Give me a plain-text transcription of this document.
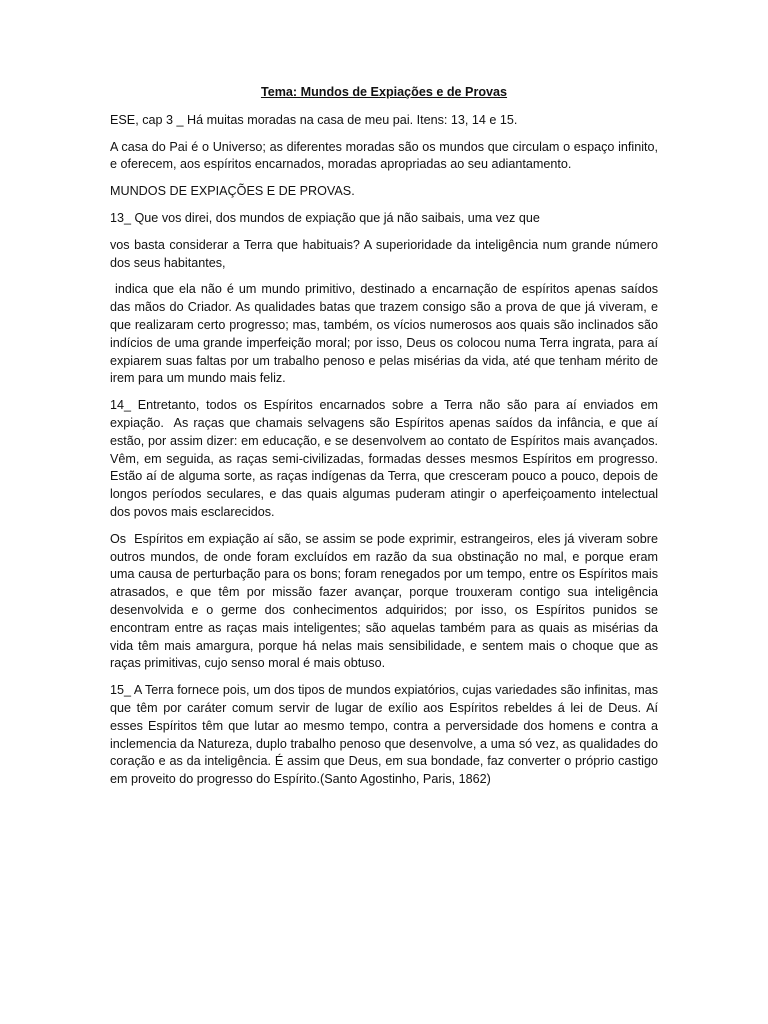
Tema: Mundos de Expiações e de Provas

ESE, cap 3 _ Há muitas moradas na casa de meu pai. Itens: 13, 14 e 15.

A casa do Pai é o Universo; as diferentes moradas são os mundos que circulam o espaço infinito, e oferecem, aos espíritos encarnados, moradas apropriadas ao seu adiantamento.

MUNDOS DE EXPIAÇÕES E DE PROVAS.

13_ Que vos direi, dos mundos de expiação que já não saibais, uma vez que

vos basta considerar a Terra que habituais? A superioridade da inteligência num grande número dos seus habitantes,

indica que ela não é um mundo primitivo, destinado a encarnação de espíritos apenas saídos das mãos do Criador. As qualidades batas que trazem consigo são a prova de que já viveram, e que realizaram certo progresso; mas, também, os vícios numerosos aos quais são inclinados são indícios de uma grande imperfeição moral; por isso, Deus os colocou numa Terra ingrata, para aí expiarem suas faltas por um trabalho penoso e pelas misérias da vida, até que tenham mérito de irem para um mundo mais feliz.

14_ Entretanto, todos os Espíritos encarnados sobre a Terra não são para aí enviados em expiação.  As raças que chamais selvagens são Espíritos apenas saídos da infância, e que aí estão, por assim dizer: em educação, e se desenvolvem ao contato de Espíritos mais avançados. Vêm, em seguida, as raças semi-civilizadas, formadas desses mesmos Espíritos em progresso. Estão aí de alguma sorte, as raças indígenas da Terra, que cresceram pouco a pouco, depois de longos períodos seculares, e das quais algumas puderam atingir o aperfeiçoamento intelectual dos povos mais esclarecidos.

Os  Espíritos em expiação aí são, se assim se pode exprimir, estrangeiros, eles já viveram sobre outros mundos, de onde foram excluídos em razão da sua obstinação no mal, e porque eram uma causa de perturbação para os bons; foram renegados por um tempo, entre os Espíritos mais atrasados, e que têm por missão fazer avançar, porque trouxeram contigo sua inteligência desenvolvida e o germe dos conhecimentos adquiridos; por isso, os Espíritos punidos se encontram entre as raças mais inteligentes; são aquelas também para as quais as misérias da vida têm mais amargura, porque há nelas mais sensibilidade, e sentem mais o choque que as raças primitivas, cujo senso moral é mais obtuso.

15_ A Terra fornece pois, um dos tipos de mundos expiatórios, cujas variedades são infinitas, mas que têm por caráter comum servir de lugar de exílio aos Espíritos rebeldes á lei de Deus. Aí esses Espíritos têm que lutar ao mesmo tempo, contra a perversidade dos homens e contra a inclemencia da Natureza, duplo trabalho penoso que desenvolve, a uma só vez, as qualidades do coração e as da inteligência. É assim que Deus, em sua bondade, faz converter o próprio castigo em proveito do progresso do Espírito.(Santo Agostinho, Paris, 1862)
